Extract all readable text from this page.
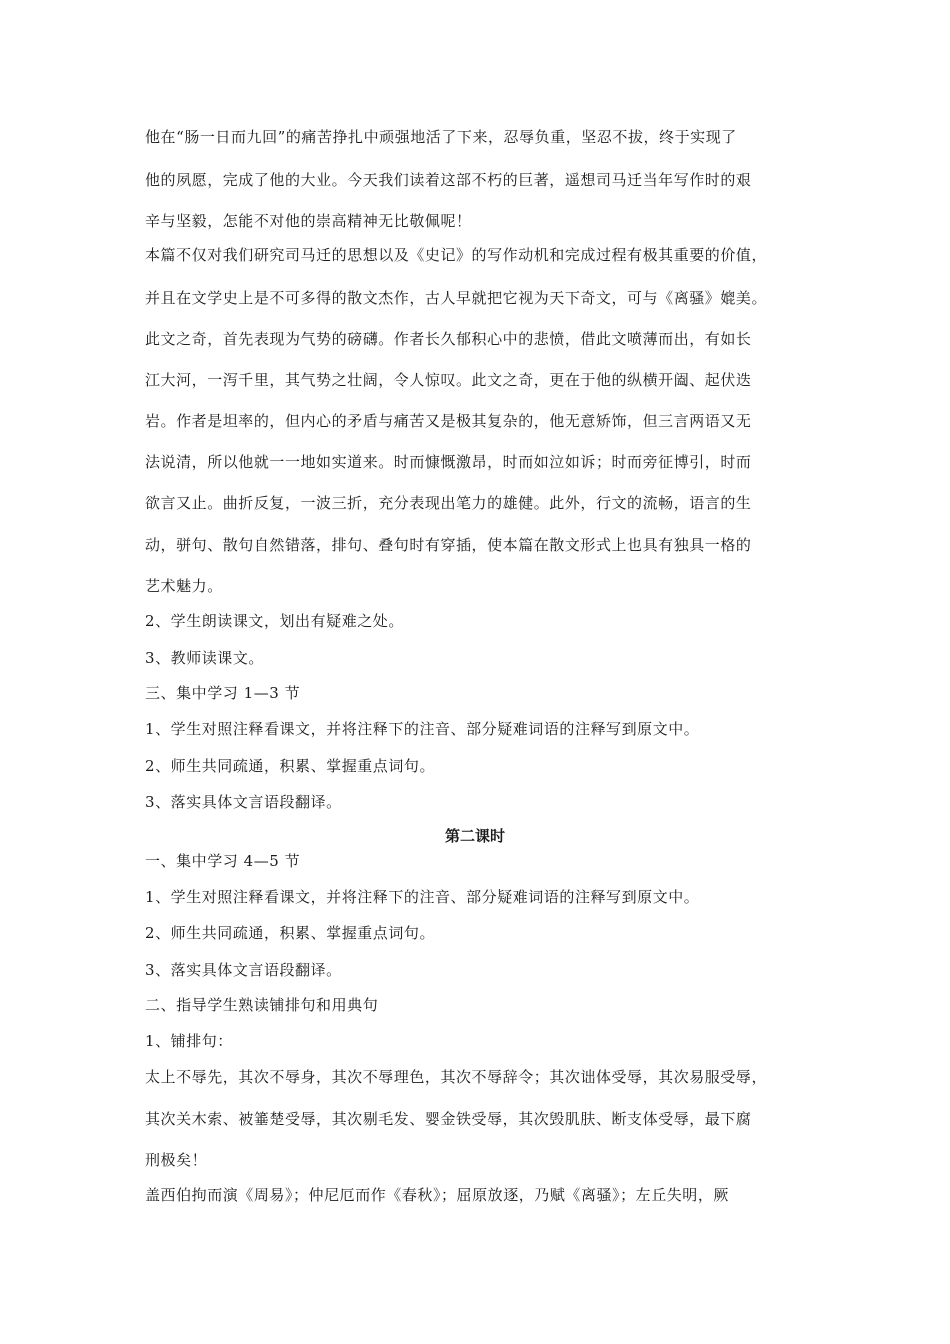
他在“肠一日而九回”的痛苦挣扎中顽强地活了下来，忍辱负重，坚忍不拔，终于实现了
他的夙愿，完成了他的大业。今天我们读着这部不朽的巨著，遥想司马迁当年写作时的艰
辛与坚毅，怎能不对他的崇高精神无比敬佩呢！
本篇不仅对我们研究司马迁的思想以及《史记》的写作动机和完成过程有极其重要的价值，
并且在文学史上是不可多得的散文杰作，古人早就把它视为天下奇文，可与《离骚》媲美。
此文之奇，首先表现为气势的磅礴。作者长久郁积心中的悲愤，借此文喷薄而出，有如长
江大河，一泻千里，其气势之壮阔，令人惊叹。此文之奇，更在于他的纵横开阖、起伏迭
岩。作者是坦率的，但内心的矛盾与痛苦又是极其复杂的，他无意矫饰，但三言两语又无
法说清，所以他就一一地如实道来。时而慷慨激昂，时而如泣如诉；时而旁征博引，时而
欲言又止。曲折反复，一波三折，充分表现出笔力的雄健。此外，行文的流畅，语言的生
动，骈句、散句自然错落，排句、叠句时有穿插，使本篇在散文形式上也具有独具一格的
艺术魅力。
2、学生朗读课文，划出有疑难之处。
3、教师读课文。
三、集中学习 1—3 节
1、学生对照注释看课文，并将注释下的注音、部分疑难词语的注释写到原文中。
2、师生共同疏通，积累、掌握重点词句。
3、落实具体文言语段翻译。
第二课时
一、集中学习 4—5 节
1、学生对照注释看课文，并将注释下的注音、部分疑难词语的注释写到原文中。
2、师生共同疏通，积累、掌握重点词句。
3、落实具体文言语段翻译。
二、指导学生熟读铺排句和用典句
1、铺排句：
太上不辱先，其次不辱身，其次不辱理色，其次不辱辞令；其次诎体受辱，其次易服受辱，
其次关木索、被箠楚受辱，其次剔毛发、婴金铁受辱，其次毁肌肤、断支体受辱，最下腐
刑极矣！
盖西伯拘而演《周易》；仲尼厄而作《春秋》；屈原放逐，乃赋《离骚》；左丘失明，厥
